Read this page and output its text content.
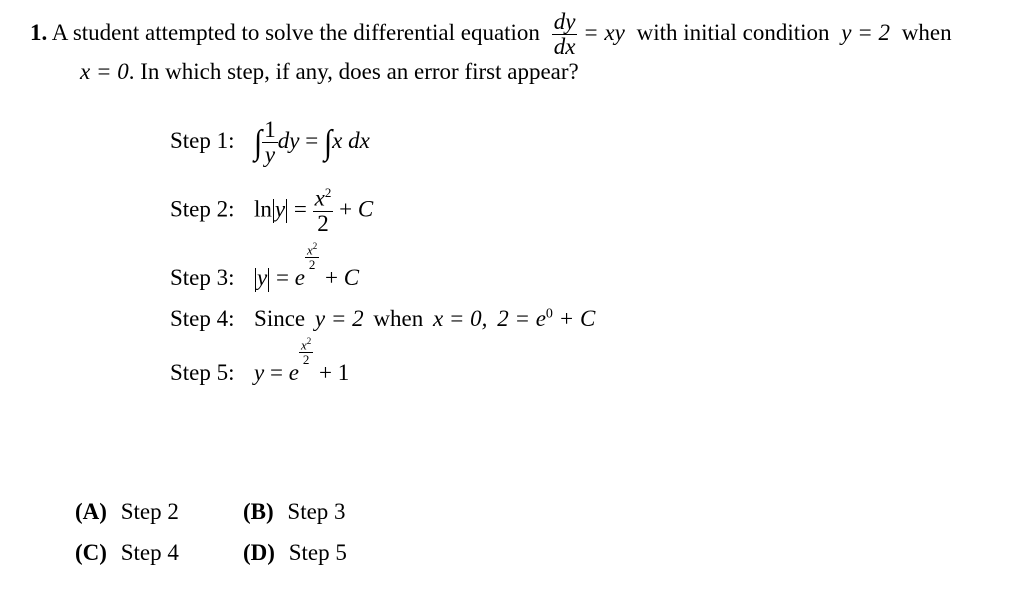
1. A student attempted to solve the differential equation $\frac{dy}{dx}$ = xy with initial condition y = 2 when
x = 0. In which step, if any, does an error first appear?
Step 1: ∫ $\frac{1}{y}$ dy = ∫x dx
Step 2: $\ln y = \frac{x^2}{2} + C$
Step 3: y = e
$\frac{x^2}{2}$
+ C
Step 4: Since y = 2 when x = 0, $2 = e^0 + C$
Step 5: y = e
$\frac{x^2}{2}$
+ 1
(A) Step 2	(B) Step 3
(C) Step 4	(D) Step 5
